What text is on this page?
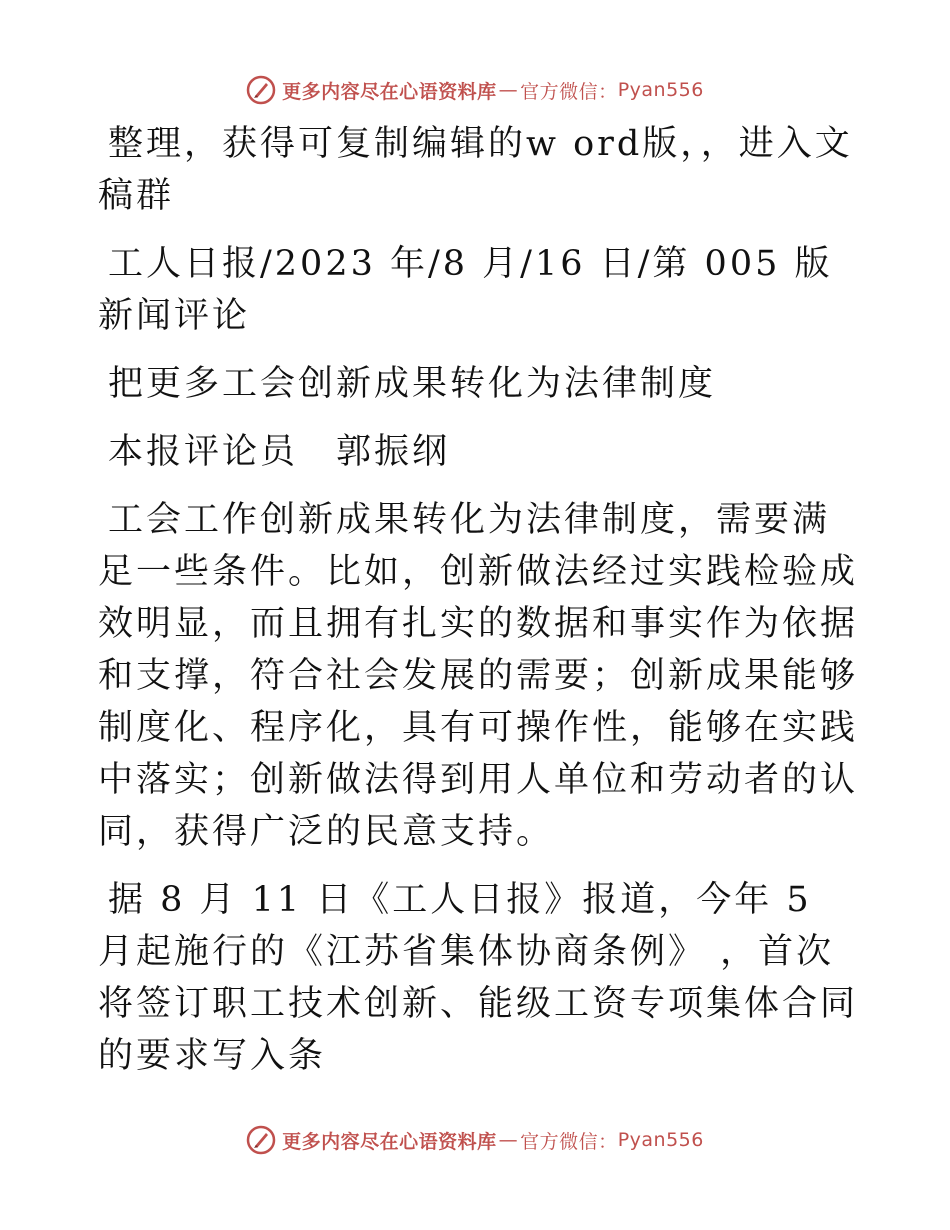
更多内容尽在心语资料库 — 官方微信： Pyan556

整理，获得可复制编辑的w ord版，，进入文稿群

工人日报/2023 年/8 月/16 日/第 005 版新闻评论

把更多工会创新成果转化为法律制度

本报评论员　郭振纲

工会工作创新成果转化为法律制度，需要满足一些条件。比如，创新做法经过实践检验成效明显，而且拥有扎实的数据和事实作为依据和支撑，符合社会发展的需要；创新成果能够制度化、程序化，具有可操作性，能够在实践中落实；创新做法得到用人单位和劳动者的认同，获得广泛的民意支持。

据 8 月 11 日《工人日报》报道，今年 5 月起施行的《江苏省集体协商条例》 ，首次将签订职工技术创新、能级工资专项集体合同的要求写入条

更多内容尽在心语资料库 — 官方微信： Pyan556
